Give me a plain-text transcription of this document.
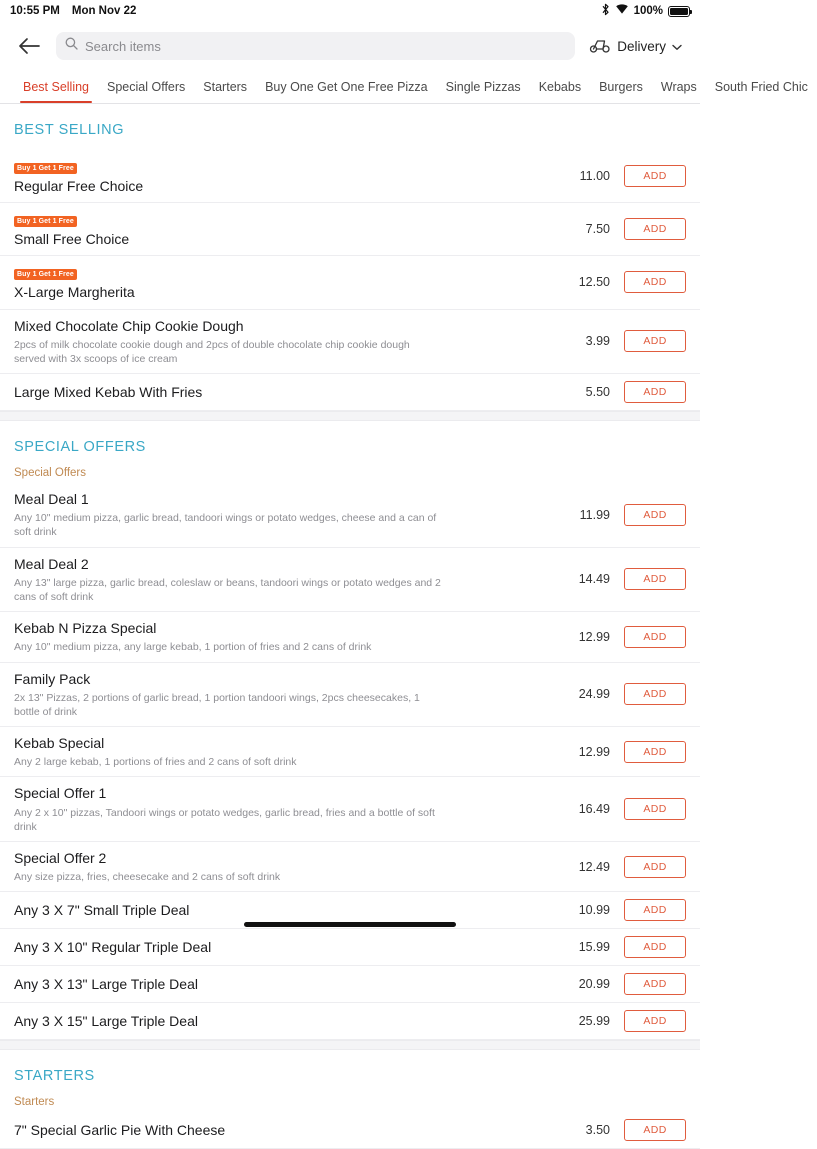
10:55 PM Mon Nov 22	100%
Search items
Delivery
Best Selling	Special Offers	Starters	Buy One Get One Free Pizza	Single Pizzas	Kebabs	Burgers	Wraps	South Fried Chic
BEST SELLING
Buy 1 Get 1 Free
Regular Free Choice
11.00	ADD
Buy 1 Get 1 Free
Small Free Choice
7.50	ADD
Buy 1 Get 1 Free
X-Large Margherita
12.50	ADD
Mixed Chocolate Chip Cookie Dough
2pcs of milk chocolate cookie dough and 2pcs of double chocolate chip cookie dough served with 3x scoops of ice cream
3.99	ADD
Large Mixed Kebab With Fries	5.50	ADD
SPECIAL OFFERS
Special Offers
Meal Deal 1
Any 10" medium pizza, garlic bread, tandoori wings or potato wedges, cheese and a can of soft drink
11.99	ADD
Meal Deal 2
Any 13" large pizza, garlic bread, coleslaw or beans, tandoori wings or potato wedges and 2 cans of soft drink
14.49	ADD
Kebab N Pizza Special
Any 10" medium pizza, any large kebab, 1 portion of fries and 2 cans of drink
12.99	ADD
Family Pack
2x 13" Pizzas, 2 portions of garlic bread, 1 portion tandoori wings, 2pcs cheesecakes, 1 bottle of drink
24.99	ADD
Kebab Special
Any 2 large kebab, 1 portions of fries and 2 cans of soft drink
12.99	ADD
Special Offer 1
Any 2 x 10" pizzas, Tandoori wings or potato wedges, garlic bread, fries and a bottle of soft drink
16.49	ADD
Special Offer 2
Any size pizza, fries, cheesecake and 2 cans of soft drink
12.49	ADD
Any 3 X 7" Small Triple Deal	10.99	ADD
Any 3 X 10" Regular Triple Deal	15.99	ADD
Any 3 X 13" Large Triple Deal	20.99	ADD
Any 3 X 15" Large Triple Deal	25.99	ADD
STARTERS
Starters
7" Special Garlic Pie With Cheese	3.50	ADD
